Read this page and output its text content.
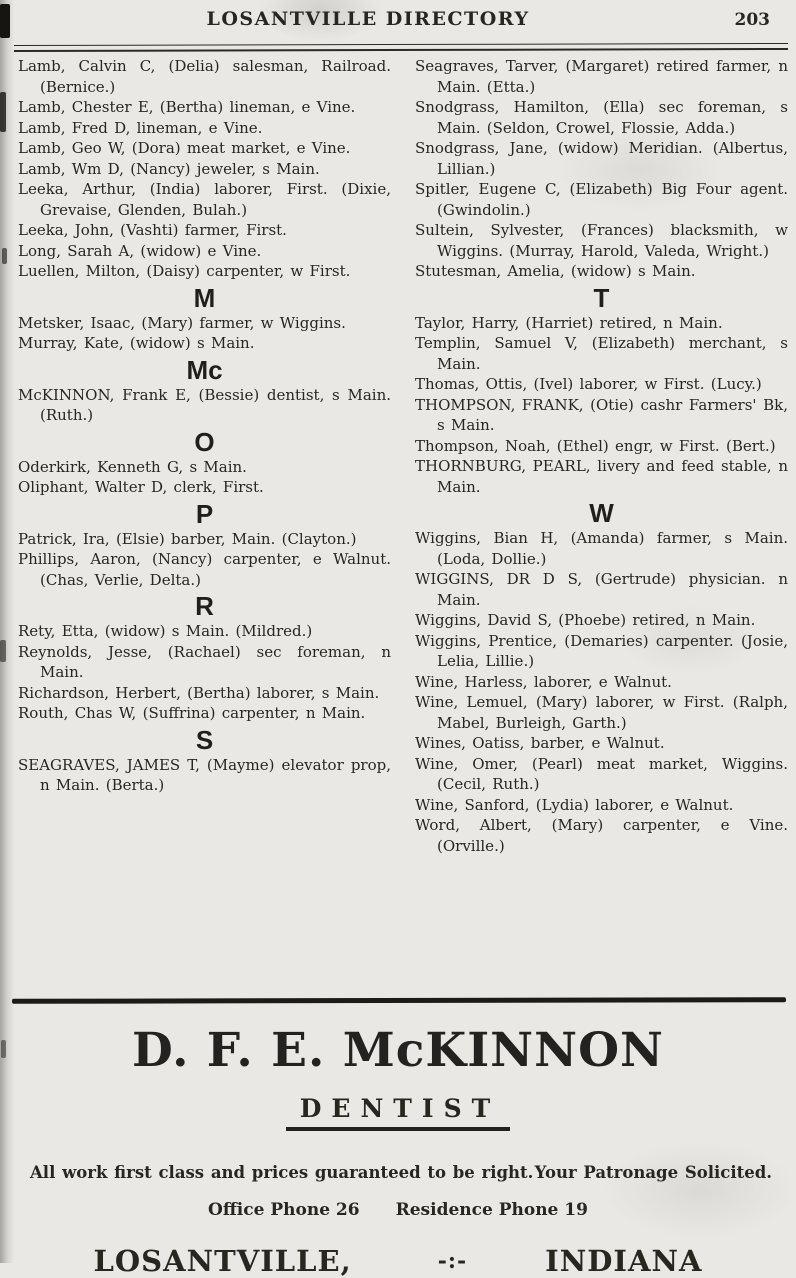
LOSANTVILLE DIRECTORY	203

Lamb, Calvin C, (Delia) salesman, Railroad. (Bernice.)

Lamb, Chester E, (Bertha) lineman, e Vine.

Lamb, Fred D, lineman, e Vine.

Lamb, Geo W, (Dora) meat market, e Vine.

Lamb, Wm D, (Nancy) jeweler, s Main.

Leeka, Arthur, (India) laborer, First. (Dixie, Grevaise, Glenden, Bulah.)

Leeka, John, (Vashti) farmer, First.

Long, Sarah A, (widow) e Vine.

Luellen, Milton, (Daisy) carpenter, w First.

M

Metsker, Isaac, (Mary) farmer, w Wiggins.

Murray, Kate, (widow) s Main.

Mc

McKINNON, Frank E, (Bessie) dentist, s Main. (Ruth.)

O

Oderkirk, Kenneth G, s Main.

Oliphant, Walter D, clerk, First.

P

Patrick, Ira, (Elsie) barber, Main. (Clayton.)

Phillips, Aaron, (Nancy) carpenter, e Walnut. (Chas, Verlie, Delta.)

R

Rety, Etta, (widow) s Main. (Mildred.)

Reynolds, Jesse, (Rachael) sec foreman, n Main.

Richardson, Herbert, (Bertha) laborer, s Main.

Routh, Chas W, (Suffrina) carpenter, n Main.

S

SEAGRAVES, JAMES T, (Mayme) elevator prop, n Main. (Berta.)

Seagraves, Tarver, (Margaret) retired farmer, n Main. (Etta.)

Snodgrass, Hamilton, (Ella) sec foreman, s Main. (Seldon, Crowel, Flossie, Adda.)

Snodgrass, Jane, (widow) Meridian. (Albertus, Lillian.)

Spitler, Eugene C, (Elizabeth) Big Four agent. (Gwindolin.)

Sultein, Sylvester, (Frances) blacksmith, w Wiggins. (Murray, Harold, Valeda, Wright.)

Stutesman, Amelia, (widow) s Main.

T

Taylor, Harry, (Harriet) retired, n Main.

Templin, Samuel V, (Elizabeth) merchant, s Main.

Thomas, Ottis, (Ivel) laborer, w First. (Lucy.)

THOMPSON, FRANK, (Otie) cashr Farmers' Bk, s Main.

Thompson, Noah, (Ethel) engr, w First. (Bert.)

THORNBURG, PEARL, livery and feed stable, n Main.

W

Wiggins, Bian H, (Amanda) farmer, s Main. (Loda, Dollie.)

WIGGINS, DR D S, (Gertrude) physician. n Main.

Wiggins, David S, (Phoebe) retired, n Main.

Wiggins, Prentice, (Demaries) carpenter. (Josie, Lelia, Lillie.)

Wine, Harless, laborer, e Walnut.

Wine, Lemuel, (Mary) laborer, w First. (Ralph, Mabel, Burleigh, Garth.)

Wines, Oatiss, barber, e Walnut.

Wine, Omer, (Pearl) meat market, Wiggins. (Cecil, Ruth.)

Wine, Sanford, (Lydia) laborer, e Walnut.

Word, Albert, (Mary) carpenter, e Vine. (Orville.)

D. F. E. McKINNON
DENTIST
All work first class and prices guaranteed to be right. Your Patronage Solicited.
Office Phone 26 Residence Phone 19
LOSANTVILLE,	-:-	INDIANA
